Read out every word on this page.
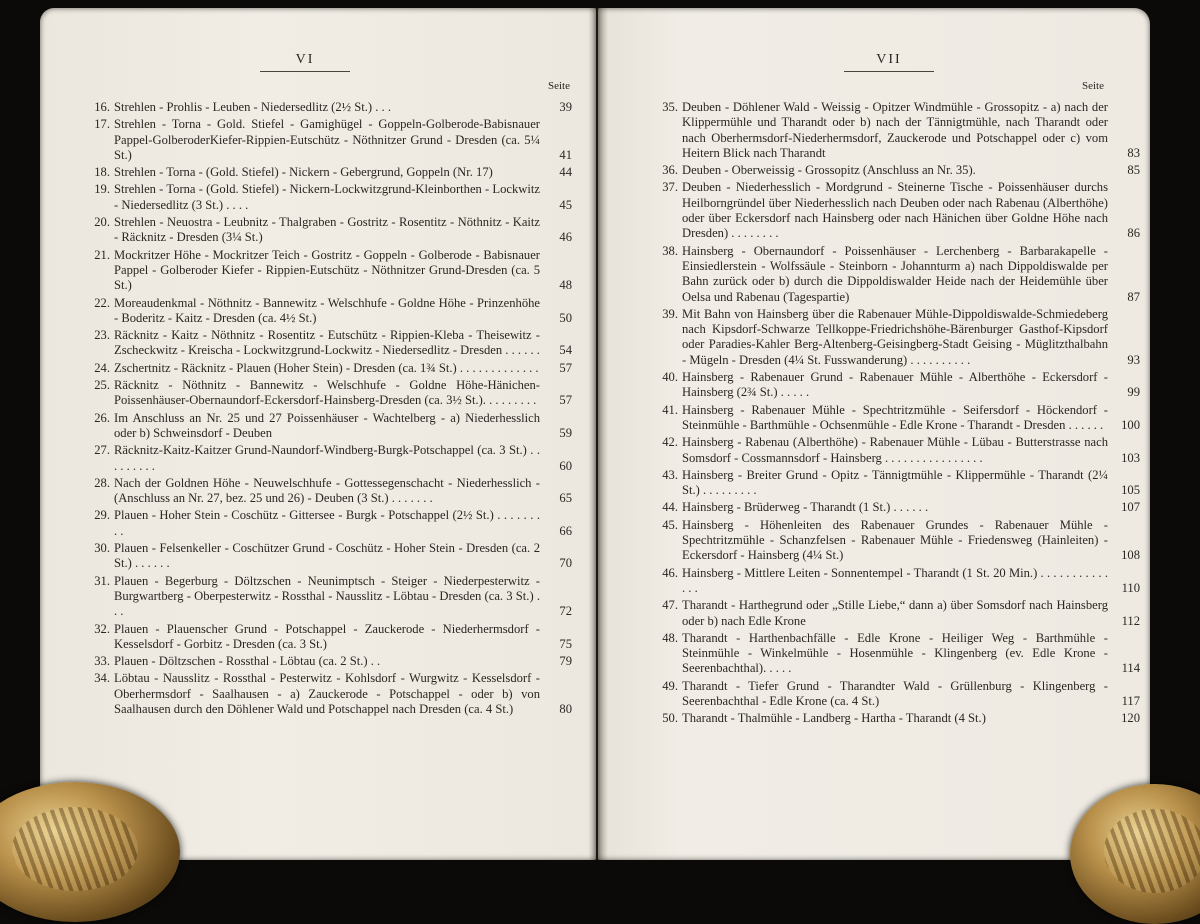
VI
Seite
16. Strehlen - Prohlis - Leuben - Niedersedlitz (2½ St.) . . .	39
17. Strehlen - Torna - Gold. Stiefel - Gamighügel - Goppeln-Golberode-Babisnauer Pappel-GolberoderKiefer-Rippien-Eutschütz - Nöthnitzer Grund - Dresden (ca. 5¼ St.)	41
18. Strehlen - Torna - (Gold. Stiefel) - Nickern - Gebergrund, Goppeln (Nr. 17)	44
19. Strehlen - Torna - (Gold. Stiefel) - Nickern-Lockwitzgrund-Kleinborthen - Lockwitz - Niedersedlitz (3 St.) . . . .	45
20. Strehlen - Neuostra - Leubnitz - Thalgraben - Gostritz - Rosentitz - Nöthnitz - Kaitz - Räcknitz - Dresden (3¼ St.)	46
21. Mockritzer Höhe - Mockritzer Teich - Gostritz - Goppeln - Golberode - Babisnauer Pappel - Golberoder Kiefer - Rippien-Eutschütz - Nöthnitzer Grund-Dresden (ca. 5 St.)	48
22. Moreaudenkmal - Nöthnitz - Bannewitz - Welschhufe - Goldne Höhe - Prinzenhöhe - Boderitz - Kaitz - Dresden (ca. 4½ St.)	50
23. Räcknitz - Kaitz - Nöthnitz - Rosentitz - Eutschütz - Rippien-Kleba - Theisewitz - Zscheckwitz - Kreischa - Lockwitzgrund-Lockwitz - Niedersedlitz - Dresden . . . . . .	54
24. Zschertnitz - Räcknitz - Plauen (Hoher Stein) - Dresden (ca. 1¾ St.) . . . . . . . . . . . . .	57
25. Räcknitz - Nöthnitz - Bannewitz - Welschhufe - Goldne Höhe-Hänichen-Poissenhäuser-Obernaundorf-Eckersdorf-Hainsberg-Dresden (ca. 3½ St.). . . . . . . . .	57
26. Im Anschluss an Nr. 25 und 27 Poissenhäuser - Wachtelberg - a) Niederhesslich oder b) Schweinsdorf - Deuben	59
27. Räcknitz-Kaitz-Kaitzer Grund-Naundorf-Windberg-Burgk-Potschappel (ca. 3 St.) . . . . . . . . .	60
28. Nach der Goldnen Höhe - Neuwelschhufe - Gottessegenschacht - Niederhesslich - (Anschluss an Nr. 27, bez. 25 und 26) - Deuben (3 St.) . . . . . . .	65
29. Plauen - Hoher Stein - Coschütz - Gittersee - Burgk - Potschappel (2½ St.) . . . . . . . . .	66
30. Plauen - Felsenkeller - Coschützer Grund - Coschütz - Hoher Stein - Dresden (ca. 2 St.) . . . . . .	70
31. Plauen - Begerburg - Döltzschen - Neunimptsch - Steiger - Niederpesterwitz - Burgwartberg - Oberpesterwitz - Rossthal - Nausslitz - Löbtau - Dresden (ca. 3 St.) . . .	72
32. Plauen - Plauenscher Grund - Potschappel - Zauckerode - Niederhermsdorf - Kesselsdorf - Gorbitz - Dresden (ca. 3 St.)	75
33. Plauen - Döltzschen - Rossthal - Löbtau (ca. 2 St.) . .	79
34. Löbtau - Nausslitz - Rossthal - Pesterwitz - Kohlsdorf - Wurgwitz - Kesselsdorf - Oberhermsdorf - Saalhausen - a) Zauckerode - Potschappel - oder b) von Saalhausen durch den Döhlener Wald und Potschappel nach Dresden (ca. 4 St.)	80
VII
Seite
35. Deuben - Döhlener Wald - Weissig - Opitzer Windmühle - Grossopitz - a) nach der Klippermühle und Tharandt oder b) nach der Tännigtmühle, nach Tharandt oder nach Oberhermsdorf-Niederhermsdorf, Zauckerode und Potschappel oder c) vom Heitern Blick nach Tharandt	83
36. Deuben - Oberweissig - Grossopitz (Anschluss an Nr. 35).	85
37. Deuben - Niederhesslich - Mordgrund - Steinerne Tische - Poissenhäuser durchs Heilborngründel über Niederhesslich nach Deuben oder nach Rabenau (Alberthöhe) oder über Eckersdorf nach Hainsberg oder nach Hänichen über Goldne Höhe nach Dresden) . . . . . . . .	86
38. Hainsberg - Obernaundorf - Poissenhäuser - Lerchenberg - Barbarakapelle - Einsiedlerstein - Wolfssäule - Steinborn - Johannturm a) nach Dippoldiswalde per Bahn zurück oder b) durch die Dippoldiswalder Heide nach der Heidemühle über Oelsa und Rabenau (Tagespartie)	87
39. Mit Bahn von Hainsberg über die Rabenauer Mühle-Dippoldiswalde-Schmiedeberg nach Kipsdorf-Schwarze Tellkoppe-Friedrichshöhe-Bärenburger Gasthof-Kipsdorf oder Paradies-Kahler Berg-Altenberg-Geisingberg-Stadt Geising - Müglitzthalbahn - Mügeln - Dresden (4¼ St. Fusswanderung) . . . . . . . . . .	93
40. Hainsberg - Rabenauer Grund - Rabenauer Mühle - Alberthöhe - Eckersdorf - Hainsberg (2¾ St.) . . . . .	99
41. Hainsberg - Rabenauer Mühle - Spechtritzmühle - Seifersdorf - Höckendorf - Steinmühle - Barthmühle - Ochsenmühle - Edle Krone - Tharandt - Dresden . . . . . .	100
42. Hainsberg - Rabenau (Alberthöhe) - Rabenauer Mühle - Lübau - Butterstrasse nach Somsdorf - Cossmannsdorf - Hainsberg . . . . . . . . . . . . . . . .	103
43. Hainsberg - Breiter Grund - Opitz - Tännigtmühle - Klippermühle - Tharandt (2¼ St.) . . . . . . . . .	105
44. Hainsberg - Brüderweg - Tharandt (1 St.) . . . . . .	107
45. Hainsberg - Höhenleiten des Rabenauer Grundes - Rabenauer Mühle - Spechtritzmühle - Schanzfelsen - Rabenauer Mühle - Friedensweg (Hainleiten) - Eckersdorf - Hainsberg (4¼ St.)	108
46. Hainsberg - Mittlere Leiten - Sonnentempel - Tharandt (1 St. 20 Min.) . . . . . . . . . . . . . .	110
47. Tharandt - Harthegrund oder „Stille Liebe,“ dann a) über Somsdorf nach Hainsberg oder b) nach Edle Krone	112
48. Tharandt - Harthenbachfälle - Edle Krone - Heiliger Weg - Barthmühle - Steinmühle - Winkelmühle - Hosenmühle - Klingenberg (ev. Edle Krone - Seerenbachthal). . . . .	114
49. Tharandt - Tiefer Grund - Tharandter Wald - Grüllenburg - Klingenberg - Seerenbachthal - Edle Krone (ca. 4 St.)	117
50. Tharandt - Thalmühle - Landberg - Hartha - Tharandt (4 St.)	120
